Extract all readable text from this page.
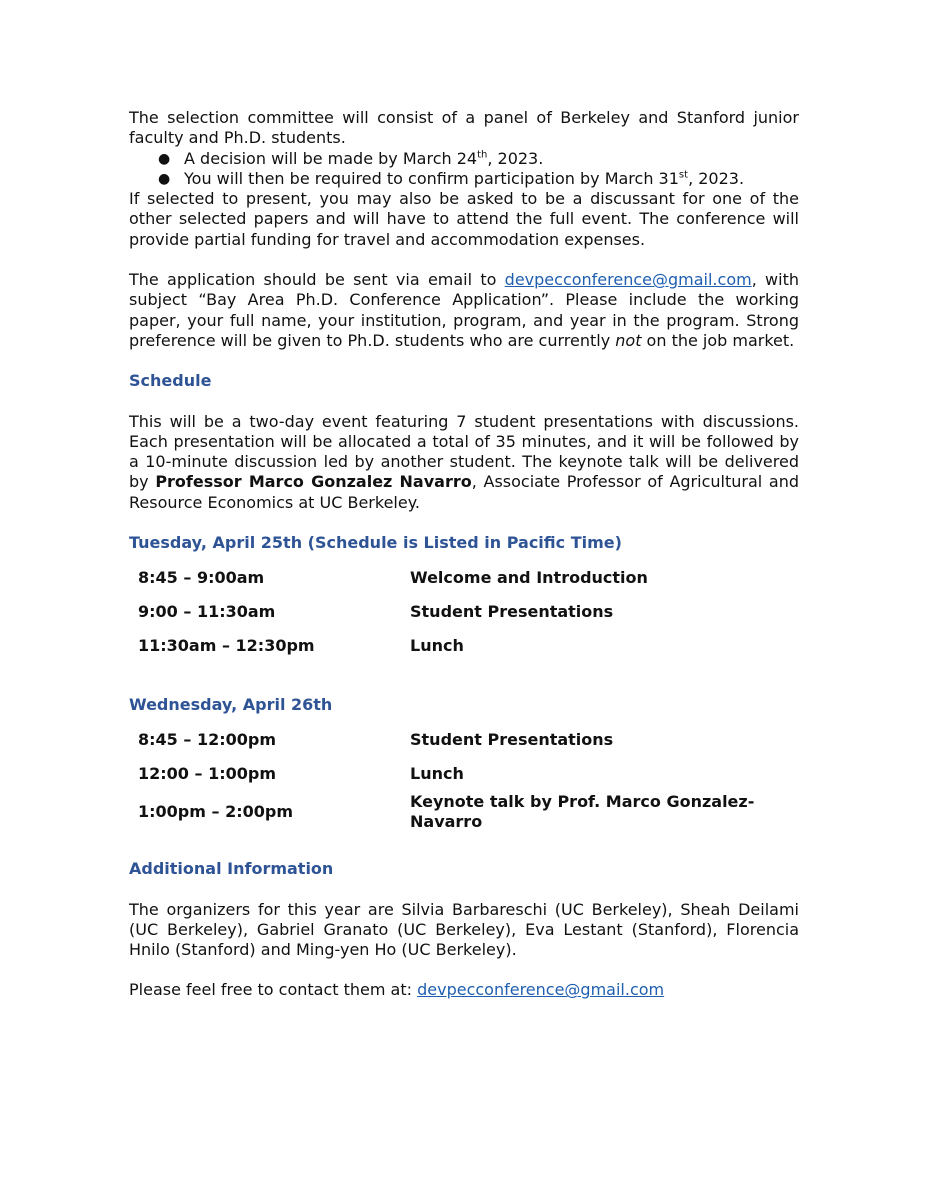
The selection committee will consist of a panel of Berkeley and Stanford junior faculty and Ph.D. students.

● A decision will be made by March 24th, 2023.
● You will then be required to confirm participation by March 31st, 2023.

If selected to present, you may also be asked to be a discussant for one of the other selected papers and will have to attend the full event. The conference will provide partial funding for travel and accommodation expenses.

The application should be sent via email to devpecconference@gmail.com, with subject “Bay Area Ph.D. Conference Application”. Please include the working paper, your full name, your institution, program, and year in the program. Strong preference will be given to Ph.D. students who are currently not on the job market.

Schedule

This will be a two-day event featuring 7 student presentations with discussions. Each presentation will be allocated a total of 35 minutes, and it will be followed by a 10-minute discussion led by another student. The keynote talk will be delivered by Professor Marco Gonzalez Navarro, Associate Professor of Agricultural and Resource Economics at UC Berkeley.

Tuesday, April 25th (Schedule is Listed in Pacific Time)

8:45 – 9:00am	Welcome and Introduction
9:00 – 11:30am	Student Presentations
11:30am – 12:30pm	Lunch

Wednesday, April 26th

8:45 – 12:00pm	Student Presentations
12:00 – 1:00pm	Lunch
1:00pm – 2:00pm	Keynote talk by Prof. Marco Gonzalez-Navarro

Additional Information

The organizers for this year are Silvia Barbareschi (UC Berkeley), Sheah Deilami (UC Berkeley), Gabriel Granato (UC Berkeley), Eva Lestant (Stanford), Florencia Hnilo (Stanford) and Ming-yen Ho (UC Berkeley).

Please feel free to contact them at: devpecconference@gmail.com
